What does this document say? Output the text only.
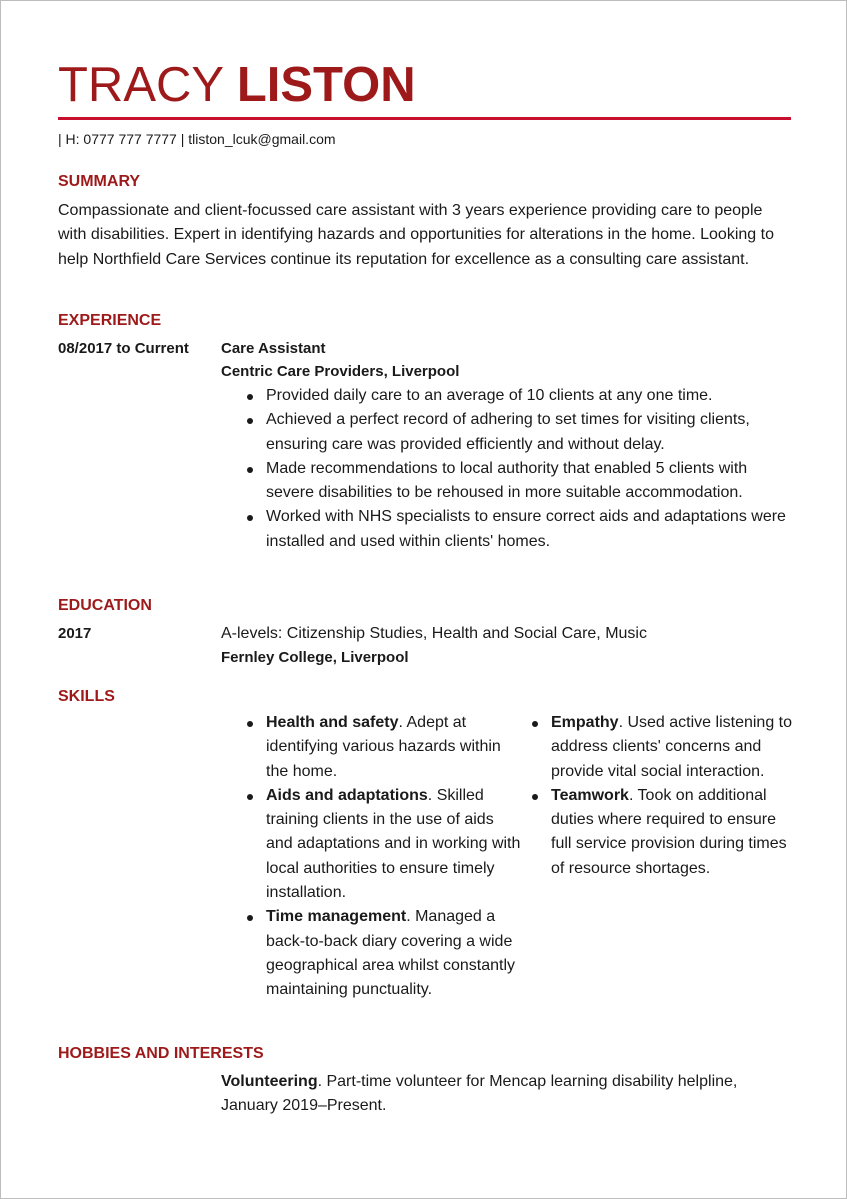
TRACY LISTON
| H: 0777 777 7777 | tliston_lcuk@gmail.com
SUMMARY
Compassionate and client-focussed care assistant with 3 years experience providing care to people with disabilities. Expert in identifying hazards and opportunities for alterations in the home. Looking to help Northfield Care Services continue its reputation for excellence as a consulting care assistant.
EXPERIENCE
08/2017 to Current Care Assistant
Centric Care Providers, Liverpool
Provided daily care to an average of 10 clients at any one time.
Achieved a perfect record of adhering to set times for visiting clients, ensuring care was provided efficiently and without delay.
Made recommendations to local authority that enabled 5 clients with severe disabilities to be rehoused in more suitable accommodation.
Worked with NHS specialists to ensure correct aids and adaptations were installed and used within clients' homes.
EDUCATION
2017	A-levels: Citizenship Studies, Health and Social Care, Music
Fernley College, Liverpool
SKILLS
Health and safety. Adept at identifying various hazards within the home.
Aids and adaptations. Skilled training clients in the use of aids and adaptations and in working with local authorities to ensure timely installation.
Time management. Managed a back-to-back diary covering a wide geographical area whilst constantly maintaining punctuality.
Empathy. Used active listening to address clients' concerns and provide vital social interaction.
Teamwork. Took on additional duties where required to ensure full service provision during times of resource shortages.
HOBBIES AND INTERESTS
Volunteering. Part-time volunteer for Mencap learning disability helpline, January 2019–Present.
